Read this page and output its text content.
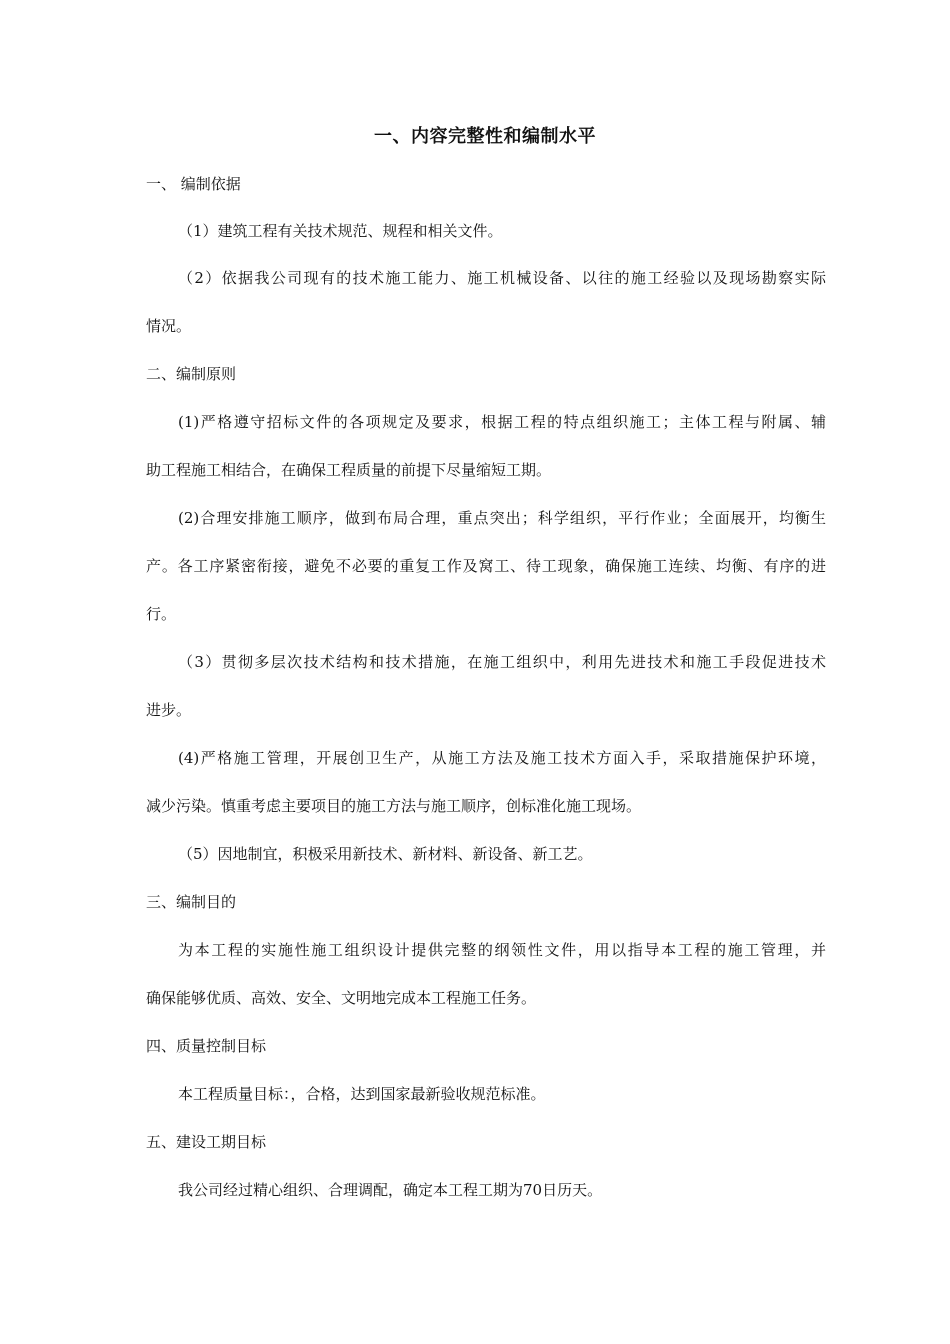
一、内容完整性和编制水平
一、 编制依据
（1）建筑工程有关技术规范、规程和相关文件。
（2）依据我公司现有的技术施工能力、施工机械设备、以往的施工经验以及现场勘察实际
情况。
二、编制原则
(1)严格遵守招标文件的各项规定及要求，根据工程的特点组织施工；主体工程与附属、辅
助工程施工相结合，在确保工程质量的前提下尽量缩短工期。
(2)合理安排施工顺序，做到布局合理，重点突出；科学组织，平行作业；全面展开，均衡生
产。各工序紧密衔接，避免不必要的重复工作及窝工、待工现象，确保施工连续、均衡、有序的进
行。
（3）贯彻多层次技术结构和技术措施，在施工组织中，利用先进技术和施工手段促进技术
进步。
(4)严格施工管理，开展创卫生产，从施工方法及施工技术方面入手，采取措施保护环境，
减少污染。慎重考虑主要项目的施工方法与施工顺序，创标准化施工现场。
（5）因地制宜，积极采用新技术、新材料、新设备、新工艺。
三、编制目的
为本工程的实施性施工组织设计提供完整的纲领性文件，用以指导本工程的施工管理，并
确保能够优质、高效、安全、文明地完成本工程施工任务。
四、质量控制目标
本工程质量目标：，合格，达到国家最新验收规范标准。
五、建设工期目标
我公司经过精心组织、合理调配，确定本工程工期为70日历天。
